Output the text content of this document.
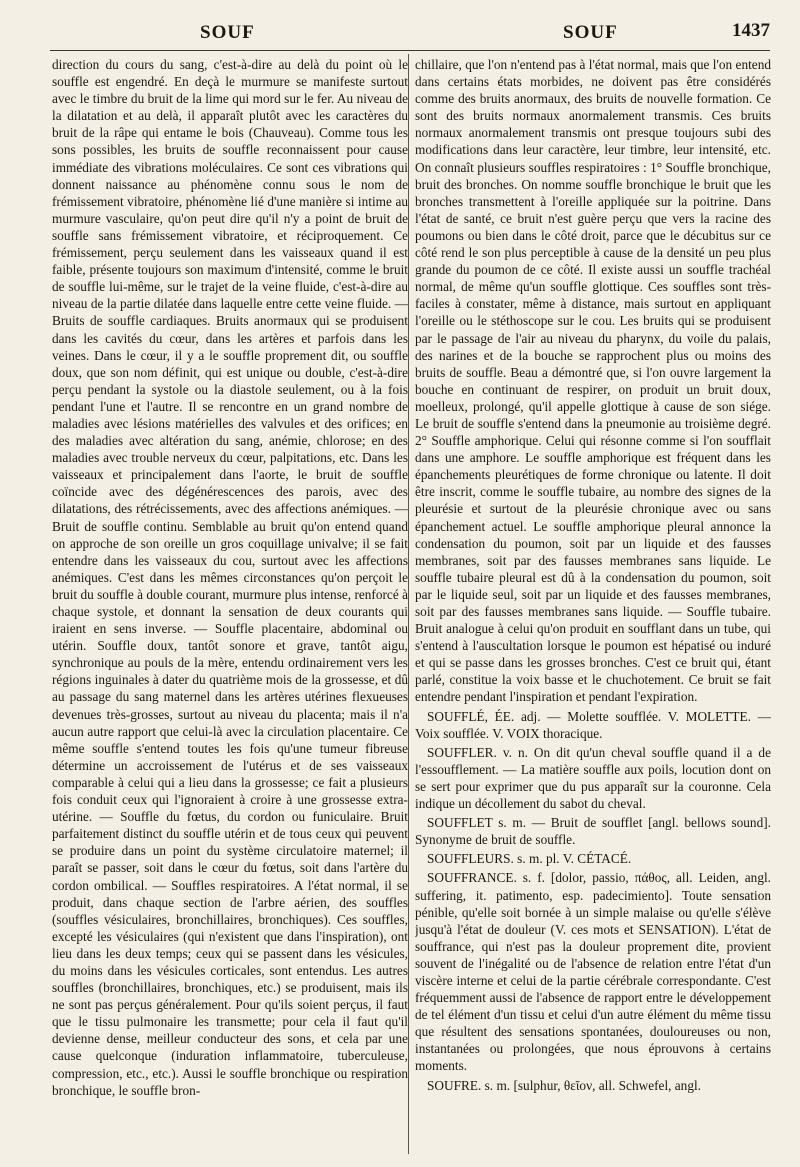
SOUF	SOUF	1437

direction du cours du sang, c'est-à-dire au delà du point où le souffle est engendré. En deçà le murmure se manifeste surtout avec le timbre du bruit de la lime qui mord sur le fer. Au niveau de la dilatation et au delà, il apparaît plutôt avec les caractères du bruit de la râpe qui entame le bois (Chauveau). Comme tous les sons possibles, les bruits de souffle reconnaissent pour cause immédiate des vibrations moléculaires. Ce sont ces vibrations qui donnent naissance au phénomène connu sous le nom de frémissement vibratoire, phénomène lié d'une manière si intime au murmure vasculaire, qu'on peut dire qu'il n'y a point de bruit de souffle sans frémissement vibratoire, et réciproquement. Ce frémissement, perçu seulement dans les vaisseaux quand il est faible, présente toujours son maximum d'intensité, comme le bruit de souffle lui-même, sur le trajet de la veine fluide, c'est-à-dire au niveau de la partie dilatée dans laquelle entre cette veine fluide. — Bruits de souffle cardiaques. Bruits anormaux qui se produisent dans les cavités du cœur, dans les artères et parfois dans les veines. Dans le cœur, il y a le souffle proprement dit, ou souffle doux, que son nom définit, qui est unique ou double, c'est-à-dire perçu pendant la systole ou la diastole seulement, ou à la fois pendant l'une et l'autre. Il se rencontre en un grand nombre de maladies avec lésions matérielles des valvules et des orifices; en des maladies avec altération du sang, anémie, chlorose; en des maladies avec trouble nerveux du cœur, palpitations, etc. Dans les vaisseaux et principalement dans l'aorte, le bruit de souffle coïncide avec des dégénérescences des parois, avec des dilatations, des rétrécissements, avec des affections anémiques. — Bruit de souffle continu. Semblable au bruit qu'on entend quand on approche de son oreille un gros coquillage univalve; il se fait entendre dans les vaisseaux du cou, surtout avec les affections anémiques. C'est dans les mêmes circonstances qu'on perçoit le bruit du souffle à double courant, murmure plus intense, renforcé à chaque systole, et donnant la sensation de deux courants qui iraient en sens inverse. — Souffle placentaire, abdominal ou utérin. Souffle doux, tantôt sonore et grave, tantôt aigu, synchronique au pouls de la mère, entendu ordinairement vers les régions inguinales à dater du quatrième mois de la grossesse, et dû au passage du sang maternel dans les artères utérines flexueuses devenues très-grosses, surtout au niveau du placenta; mais il n'a aucun autre rapport que celui-là avec la circulation placentaire. Ce même souffle s'entend toutes les fois qu'une tumeur fibreuse détermine un accroissement de l'utérus et de ses vaisseaux comparable à celui qui a lieu dans la grossesse; ce fait a plusieurs fois conduit ceux qui l'ignoraient à croire à une grossesse extra-utérine. — Souffle du fœtus, du cordon ou funiculaire. Bruit parfaitement distinct du souffle utérin et de tous ceux qui peuvent se produire dans un point du système circulatoire maternel; il paraît se passer, soit dans le cœur du fœtus, soit dans l'artère du cordon ombilical. — Souffles respiratoires. A l'état normal, il se produit, dans chaque section de l'arbre aérien, des souffles (souffles vésiculaires, bronchillaires, bronchiques). Ces souffles, excepté les vésiculaires (qui n'existent que dans l'inspiration), ont lieu dans les deux temps; ceux qui se passent dans les vésicules, du moins dans les vésicules corticales, sont entendus. Les autres souffles (bronchillaires, bronchiques, etc.) se produisent, mais ils ne sont pas perçus généralement. Pour qu'ils soient perçus, il faut que le tissu pulmonaire les transmette; pour cela il faut qu'il devienne dense, meilleur conducteur des sons, et cela par une cause quelconque (induration inflammatoire, tuberculeuse, compression, etc., etc.). Aussi le souffle bronchique ou respiration bronchique, le souffle bron-

chillaire, que l'on n'entend pas à l'état normal, mais que l'on entend dans certains états morbides, ne doivent pas être considérés comme des bruits anormaux, des bruits de nouvelle formation. Ce sont des bruits normaux anormalement transmis. Ces bruits normaux anormalement transmis ont presque toujours subi des modifications dans leur caractère, leur timbre, leur intensité, etc. On connaît plusieurs souffles respiratoires : 1° Souffle bronchique, bruit des bronches. On nomme souffle bronchique le bruit que les bronches transmettent à l'oreille appliquée sur la poitrine. Dans l'état de santé, ce bruit n'est guère perçu que vers la racine des poumons ou bien dans le côté droit, parce que le décubitus sur ce côté rend le son plus perceptible à cause de la densité un peu plus grande du poumon de ce côté. Il existe aussi un souffle trachéal normal, de même qu'un souffle glottique. Ces souffles sont très-faciles à constater, même à distance, mais surtout en appliquant l'oreille ou le stéthoscope sur le cou. Les bruits qui se produisent par le passage de l'air au niveau du pharynx, du voile du palais, des narines et de la bouche se rapprochent plus ou moins des bruits de souffle. Beau a démontré que, si l'on ouvre largement la bouche en continuant de respirer, on produit un bruit doux, moelleux, prolongé, qu'il appelle glottique à cause de son siége. Le bruit de souffle s'entend dans la pneumonie au troisième degré. 2° Souffle amphorique. Celui qui résonne comme si l'on soufflait dans une amphore. Le souffle amphorique est fréquent dans les épanchements pleurétiques de forme chronique ou latente. Il doit être inscrit, comme le souffle tubaire, au nombre des signes de la pleurésie et surtout de la pleurésie chronique avec ou sans épanchement actuel. Le souffle amphorique pleural annonce la condensation du poumon, soit par un liquide et des fausses membranes, soit par des fausses membranes sans liquide. Le souffle tubaire pleural est dû à la condensation du poumon, soit par le liquide seul, soit par un liquide et des fausses membranes, soit par des fausses membranes sans liquide. — Souffle tubaire. Bruit analogue à celui qu'on produit en soufflant dans un tube, qui s'entend à l'auscultation lorsque le poumon est hépatisé ou induré et qui se passe dans les grosses bronches. C'est ce bruit qui, étant parlé, constitue la voix basse et le chuchotement. Ce bruit se fait entendre pendant l'inspiration et pendant l'expiration.

SOUFFLÉ, ÉE. adj. — Molette soufflée. V. MOLETTE. — Voix soufflée. V. VOIX thoracique.

SOUFFLER. v. n. On dit qu'un cheval souffle quand il a de l'essoufflement. — La matière souffle aux poils, locution dont on se sert pour exprimer que du pus apparaît sur la couronne. Cela indique un décollement du sabot du cheval.

SOUFFLET s. m. — Bruit de soufflet [angl. bellows sound]. Synonyme de bruit de souffle.

SOUFFLEURS. s. m. pl. V. CÉTACÉ.

SOUFFRANCE. s. f. [dolor, passio, πάθος, all. Leiden, angl. suffering, it. patimento, esp. padecimiento]. Toute sensation pénible, qu'elle soit bornée à un simple malaise ou qu'elle s'élève jusqu'à l'état de douleur (V. ces mots et SENSATION). L'état de souffrance, qui n'est pas la douleur proprement dite, provient souvent de l'inégalité ou de l'absence de relation entre l'état d'un viscère interne et celui de la partie cérébrale correspondante. C'est fréquemment aussi de l'absence de rapport entre le développement de tel élément d'un tissu et celui d'un autre élément du même tissu que résultent des sensations spontanées, douloureuses ou non, instantanées ou prolongées, que nous éprouvons à certains moments.

SOUFRE. s. m. [sulphur, θεῖον, all. Schwefel, angl.
